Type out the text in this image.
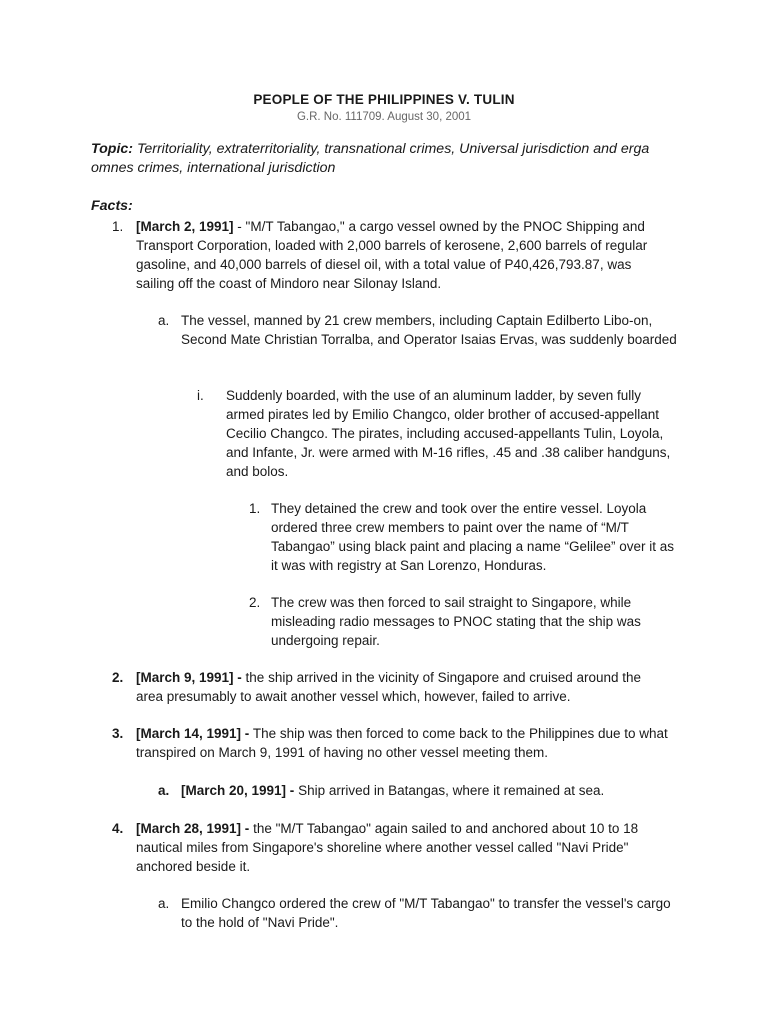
PEOPLE OF THE PHILIPPINES V. TULIN
G.R. No. 111709. August 30, 2001
Topic: Territoriality, extraterritoriality, transnational crimes, Universal jurisdiction and erga omnes crimes, international jurisdiction
Facts:
1. [March 2, 1991] - "M/T Tabangao," a cargo vessel owned by the PNOC Shipping and Transport Corporation, loaded with 2,000 barrels of kerosene, 2,600 barrels of regular gasoline, and 40,000 barrels of diesel oil, with a total value of P40,426,793.87, was sailing off the coast of Mindoro near Silonay Island.
a. The vessel, manned by 21 crew members, including Captain Edilberto Libo-on, Second Mate Christian Torralba, and Operator Isaias Ervas, was suddenly boarded
i. Suddenly boarded, with the use of an aluminum ladder, by seven fully armed pirates led by Emilio Changco, older brother of accused-appellant Cecilio Changco. The pirates, including accused-appellants Tulin, Loyola, and Infante, Jr. were armed with M-16 rifles, .45 and .38 caliber handguns, and bolos.
1. They detained the crew and took over the entire vessel. Loyola ordered three crew members to paint over the name of “M/T Tabangao” using black paint and placing a name “Gelilee” over it as it was with registry at San Lorenzo, Honduras.
2. The crew was then forced to sail straight to Singapore, while misleading radio messages to PNOC stating that the ship was undergoing repair.
2. [March 9, 1991] - the ship arrived in the vicinity of Singapore and cruised around the area presumably to await another vessel which, however, failed to arrive.
3. [March 14, 1991] - The ship was then forced to come back to the Philippines due to what transpired on March 9, 1991 of having no other vessel meeting them.
a. [March 20, 1991] - Ship arrived in Batangas, where it remained at sea.
4. [March 28, 1991] - the "M/T Tabangao" again sailed to and anchored about 10 to 18 nautical miles from Singapore's shoreline where another vessel called "Navi Pride" anchored beside it.
a. Emilio Changco ordered the crew of "M/T Tabangao" to transfer the vessel's cargo to the hold of "Navi Pride".
